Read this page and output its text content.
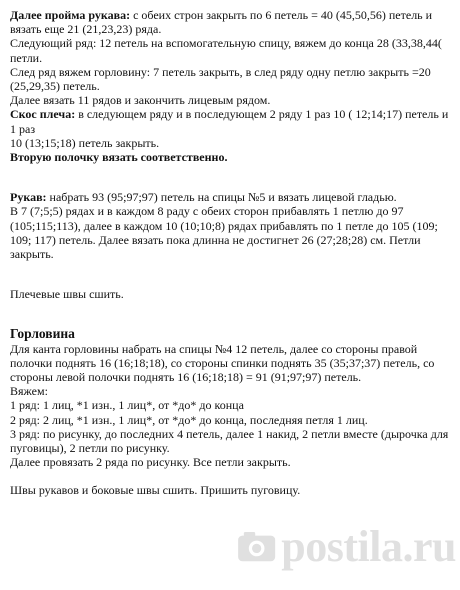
Далее пройма рукава: с обеих строн закрыть по 6 петель = 40 (45,50,56) петель и вязать еще 21 (21,23,23) ряда.

Следующий ряд: 12 петель на вспомогательную спицу, вяжем до конца 28 (33,38,44( петли.

След ряд вяжем горловину: 7 петель закрыть, в след ряду одну петлю закрыть =20 (25,29,35) петель.

Далее вязать 11 рядов и закончить лицевым рядом.

Скос плеча: в следующем ряду и в последующем 2 ряду 1 раз 10 ( 12;14;17) петель и 1 раз

10 (13;15;18) петель закрыть.

Вторую полочку вязать соответственно.

Рукав: набрать 93 (95;97;97) петель на спицы №5 и вязать лицевой гладью.

В 7 (7;5;5) рядах и в каждом 8 раду с обеих сторон прибавлять 1 петлю до 97 (105;115;113), далее в каждом 10 (10;10;8) рядах прибавлять по 1 петле до 105 (109; 109; 117) петель. Далее вязать пока длинна не достигнет 26 (27;28;28) см. Петли закрыть.

Плечевые швы сшить.

Горловина

Для канта горловины набрать на спицы №4 12 петель, далее со стороны правой полочки поднять 16 (16;18;18), со стороны спинки поднять 35 (35;37;37) петель, со стороны левой полочки поднять 16 (16;18;18) = 91 (91;97;97) петель.

Вяжем:

1 ряд: 1 лиц, *1 изн., 1 лиц*, от *до* до конца

2 ряд: 2 лиц, *1 изн., 1 лиц*, от *до* до конца, последняя петля 1 лиц.

3 ряд: по рисунку, до последних 4 петель, далее 1 накид, 2 петли вместе (дырочка для пуговицы), 2 петли по рисунку.

Далее провязать 2 ряда по рисунку. Все петли закрыть.

Швы рукавов и боковые швы сшить. Пришить пуговицу.

postila.ru
